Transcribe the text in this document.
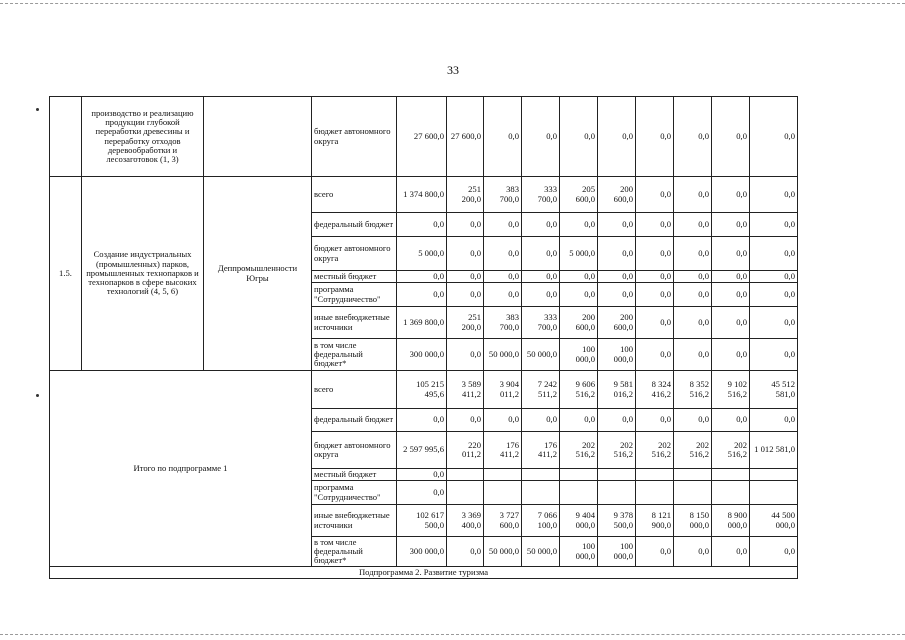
33
	производство и реализацию продукции глубокой переработки древесины и переработку отходов деревообработки и лесозаготовок (1, 3)		бюджет автономного округа	27 600,0	27 600,0	0,0	0,0	0,0	0,0	0,0	0,0	0,0	0,0
1.5.	Создание индустриальных (промышленных) парков, промышленных технопарков и технопарков в сфере высоких технологий (4, 5, 6)	Деппромышленности Югры	всего	1 374 800,0	251 200,0	383 700,0	333 700,0	205 600,0	200 600,0	0,0	0,0	0,0	0,0
			федеральный бюджет	0,0	0,0	0,0	0,0	0,0	0,0	0,0	0,0	0,0	0,0
			бюджет автономного округа	5 000,0	0,0	0,0	0,0	5 000,0	0,0	0,0	0,0	0,0	0,0
			местный бюджет	0,0	0,0	0,0	0,0	0,0	0,0	0,0	0,0	0,0	0,0
			программа "Сотрудничество"	0,0	0,0	0,0	0,0	0,0	0,0	0,0	0,0	0,0	0,0
			иные внебюджетные источники	1 369 800,0	251 200,0	383 700,0	333 700,0	200 600,0	200 600,0	0,0	0,0	0,0	0,0
			в том числе федеральный бюджет*	300 000,0	0,0	50 000,0	50 000,0	100 000,0	100 000,0	0,0	0,0	0,0	0,0
Итого по подпрограмме 1			всего	105 215 495,6	3 589 411,2	3 904 011,2	7 242 511,2	9 606 516,2	9 581 016,2	8 324 416,2	8 352 516,2	9 102 516,2	45 512 581,0
			федеральный бюджет	0,0	0,0	0,0	0,0	0,0	0,0	0,0	0,0	0,0	0,0
			бюджет автономного округа	2 597 995,6	220 011,2	176 411,2	176 411,2	202 516,2	202 516,2	202 516,2	202 516,2	202 516,2	1 012 581,0
			местный бюджет	0,0									
			программа "Сотрудничество"	0,0									
			иные внебюджетные источники	102 617 500,0	3 369 400,0	3 727 600,0	7 066 100,0	9 404 000,0	9 378 500,0	8 121 900,0	8 150 000,0	8 900 000,0	44 500 000,0
			в том числе федеральный бюджет*	300 000,0	0,0	50 000,0	50 000,0	100 000,0	100 000,0	0,0	0,0	0,0	0,0
Подпрограмма 2. Развитие туризма													
